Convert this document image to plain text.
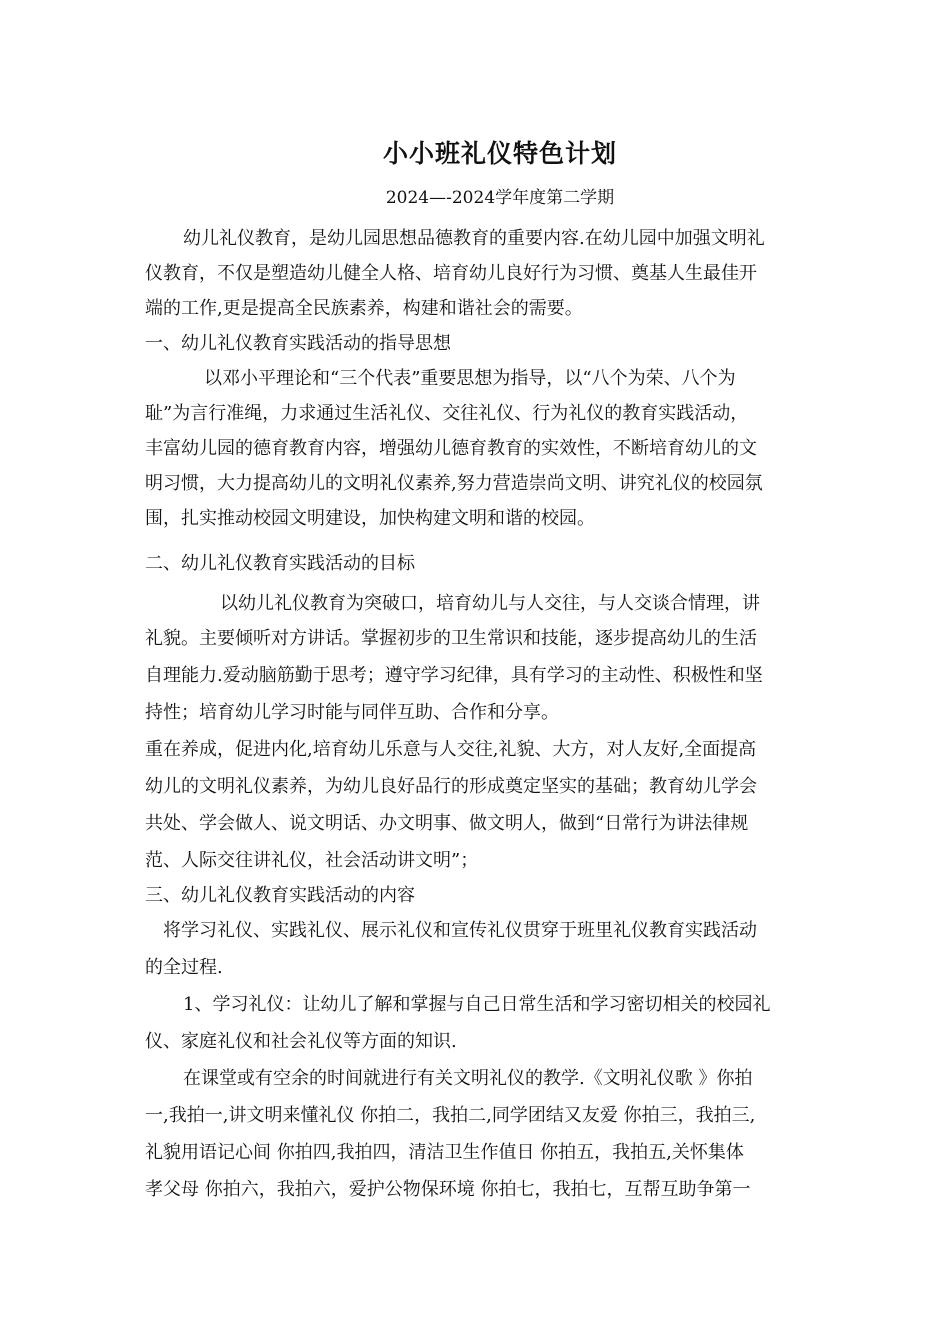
小小班礼仪特色计划
2024—-2024学年度第二学期
幼儿礼仪教育，是幼儿园思想品德教育的重要内容.在幼儿园中加强文明礼
仪教育，不仅是塑造幼儿健全人格、培育幼儿良好行为习惯、奠基人生最佳开
端的工作,更是提高全民族素养，构建和谐社会的需要。
一、幼儿礼仪教育实践活动的指导思想
以邓小平理论和“三个代表”重要思想为指导，以“八个为荣、八个为
耻”为言行准绳，力求通过生活礼仪、交往礼仪、行为礼仪的教育实践活动，
丰富幼儿园的德育教育内容，增强幼儿德育教育的实效性，不断培育幼儿的文
明习惯，大力提高幼儿的文明礼仪素养,努力营造崇尚文明、讲究礼仪的校园氛
围，扎实推动校园文明建设，加快构建文明和谐的校园。
二、幼儿礼仪教育实践活动的目标
以幼儿礼仪教育为突破口，培育幼儿与人交往，与人交谈合情理，讲
礼貌。主要倾听对方讲话。掌握初步的卫生常识和技能，逐步提高幼儿的生活
自理能力.爱动脑筋勤于思考；遵守学习纪律，具有学习的主动性、积极性和坚
持性；培育幼儿学习时能与同伴互助、合作和分享。
重在养成，促进内化,培育幼儿乐意与人交往,礼貌、大方，对人友好,全面提高
幼儿的文明礼仪素养，为幼儿良好品行的形成奠定坚实的基础；教育幼儿学会
共处、学会做人、说文明话、办文明事、做文明人，做到“日常行为讲法律规
范、人际交往讲礼仪，社会活动讲文明”；
三、幼儿礼仪教育实践活动的内容
将学习礼仪、实践礼仪、展示礼仪和宣传礼仪贯穿于班里礼仪教育实践活动
的全过程.
1、学习礼仪：让幼儿了解和掌握与自己日常生活和学习密切相关的校园礼
仪、家庭礼仪和社会礼仪等方面的知识.
在课堂或有空余的时间就进行有关文明礼仪的教学.《文明礼仪歌 》你拍
一,我拍一,讲文明来懂礼仪 你拍二，我拍二,同学团结又友爱 你拍三，我拍三,
礼貌用语记心间 你拍四,我拍四，清洁卫生作值日 你拍五，我拍五,关怀集体
孝父母 你拍六，我拍六，爱护公物保环境 你拍七，我拍七，互帮互助争第一
